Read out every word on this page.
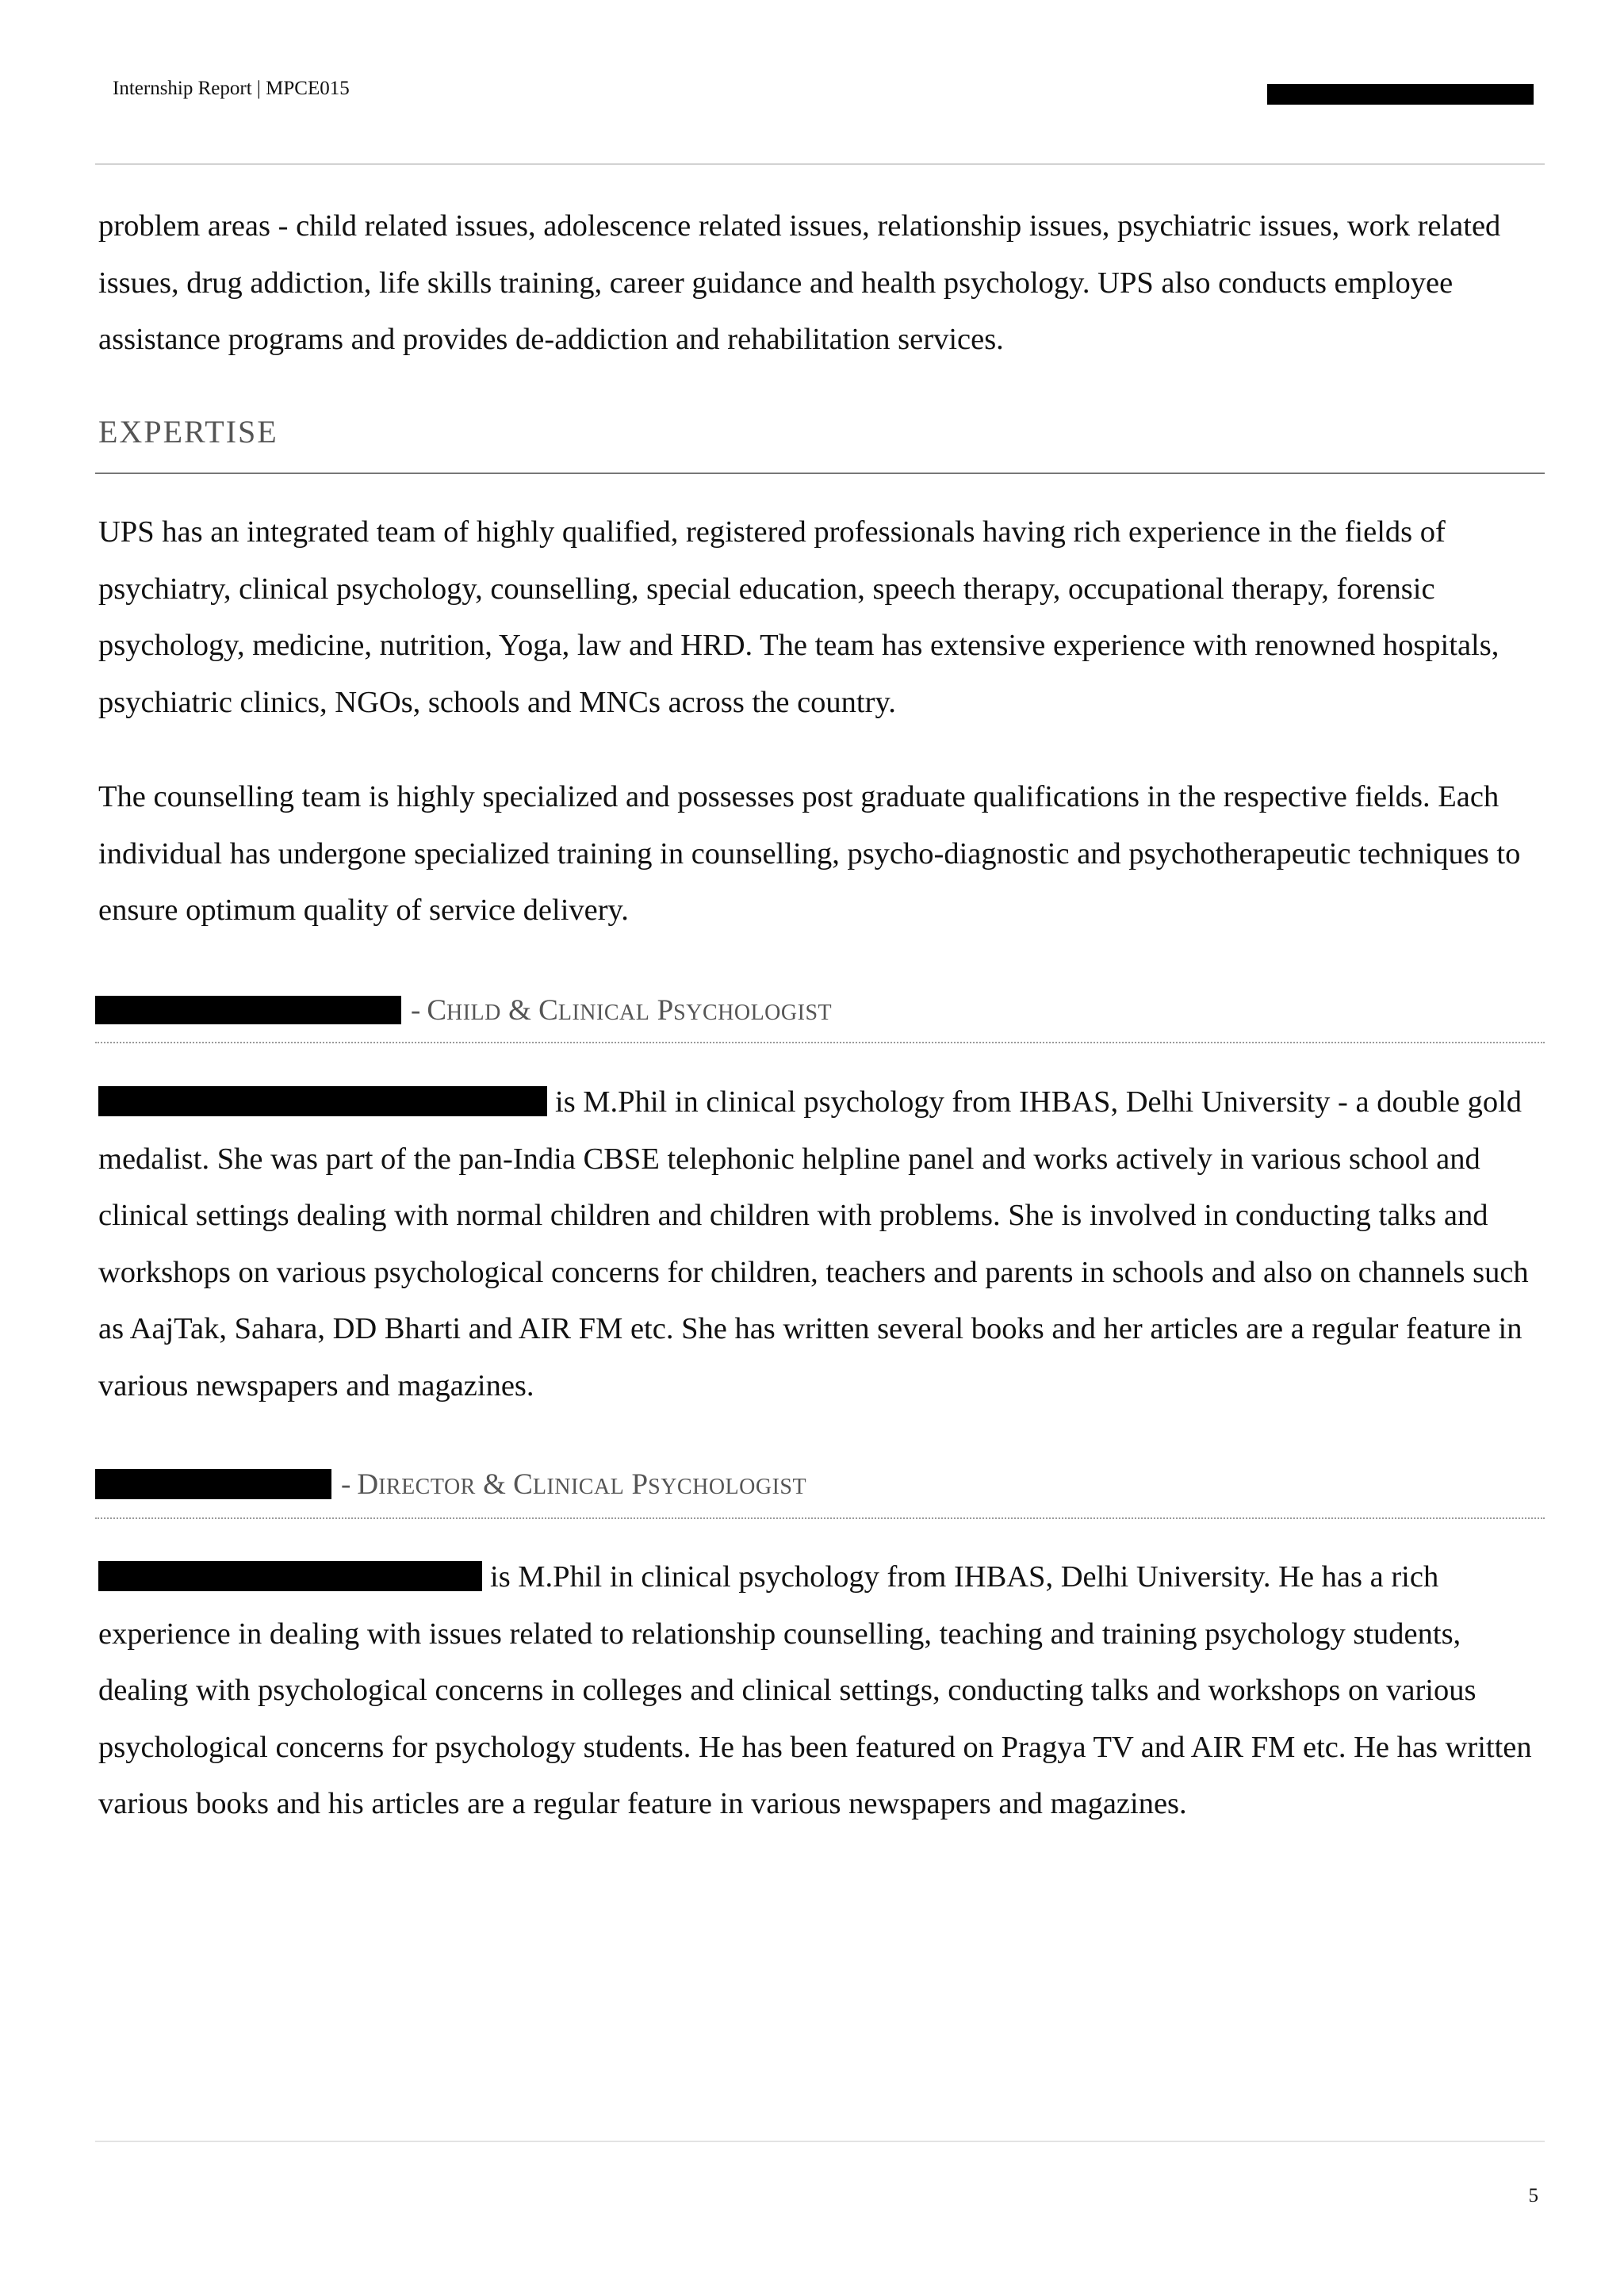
Internship Report | MPCE015

problem areas - child related issues, adolescence related issues, relationship issues, psychiatric issues, work related issues, drug addiction, life skills training, career guidance and health psychology. UPS also conducts employee assistance programs and provides de-addiction and rehabilitation services.

EXPERTISE

UPS has an integrated team of highly qualified, registered professionals having rich experience in the fields of psychiatry, clinical psychology, counselling, special education, speech therapy, occupational therapy, forensic psychology, medicine, nutrition, Yoga, law and HRD. The team has extensive experience with renowned hospitals, psychiatric clinics, NGOs, schools and MNCs across the country.

The counselling team is highly specialized and possesses post graduate qualifications in the respective fields. Each individual has undergone specialized training in counselling, psycho-diagnostic and psychotherapeutic techniques to ensure optimum quality of service delivery.

- CHILD & CLINICAL PSYCHOLOGIST

is M.Phil in clinical psychology from IHBAS, Delhi University - a double gold medalist. She was part of the pan-India CBSE telephonic helpline panel and works actively in various school and clinical settings dealing with normal children and children with problems. She is involved in conducting talks and workshops on various psychological concerns for children, teachers and parents in schools and also on channels such as AajTak, Sahara, DD Bharti and AIR FM etc. She has written several books and her articles are a regular feature in various newspapers and magazines.

- DIRECTOR & CLINICAL PSYCHOLOGIST

is M.Phil in clinical psychology from IHBAS, Delhi University. He has a rich experience in dealing with issues related to relationship counselling, teaching and training psychology students, dealing with psychological concerns in colleges and clinical settings, conducting talks and workshops on various psychological concerns for psychology students. He has been featured on Pragya TV and AIR FM etc. He has written various books and his articles are a regular feature in various newspapers and magazines.

5
